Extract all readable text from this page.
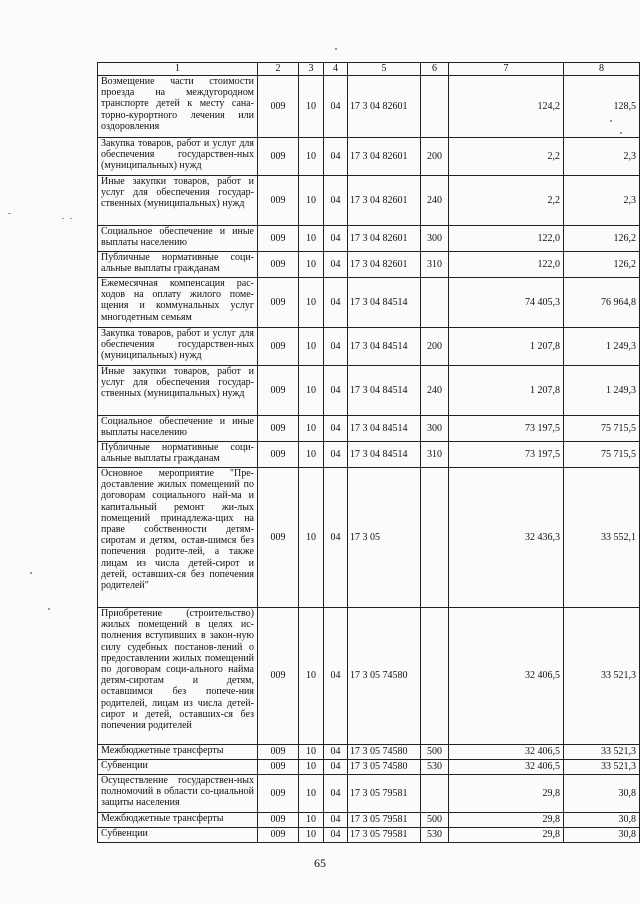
1	2	3	4	5	6	7	8
Возмещение части стоимости проезда на междугородном транспорте детей к месту сана-торно-курортного лечения или оздоровления	009	10	04	17 3 04 82601		124,2	128,5
Закупка товаров, работ и услуг для обеспечения государствен-ных (муниципальных) нужд	009	10	04	17 3 04 82601	200	2,2	2,3
Иные закупки товаров, работ и услуг для обеспечения государ-ственных (муниципальных) нужд	009	10	04	17 3 04 82601	240	2,2	2,3
Социальное обеспечение и иные выплаты населению	009	10	04	17 3 04 82601	300	122,0	126,2
Публичные нормативные соци-альные выплаты гражданам	009	10	04	17 3 04 82601	310	122,0	126,2
Ежемесячная компенсация рас-ходов на оплату жилого поме-щения и коммунальных услуг многодетным семьям	009	10	04	17 3 04 84514		74 405,3	76 964,8
Закупка товаров, работ и услуг для обеспечения государствен-ных (муниципальных) нужд	009	10	04	17 3 04 84514	200	1 207,8	1 249,3
Иные закупки товаров, работ и услуг для обеспечения государ-ственных (муниципальных) нужд	009	10	04	17 3 04 84514	240	1 207,8	1 249,3
Социальное обеспечение и иные выплаты населению	009	10	04	17 3 04 84514	300	73 197,5	75 715,5
Публичные нормативные соци-альные выплаты гражданам	009	10	04	17 3 04 84514	310	73 197,5	75 715,5
Основное мероприятие "Пре-доставление жилых помещений по договорам социального най-ма и капитальный ремонт жи-лых помещений принадлежа-щих на праве собственности детям-сиротам и детям, остав-шимся без попечения родите-лей, а также лицам из числа детей-сирот и детей, оставших-ся без попечения родителей"	009	10	04	17 3 05		32 436,3	33 552,1
Приобретение (строительство) жилых помещений в целях ис-полнения вступивших в закон-ную силу судебных постанов-лений о предоставлении жилых помещений по договорам соци-ального найма детям-сиротам и детям, оставшимся без попече-ния родителей, лицам из числа детей-сирот и детей, оставших-ся без попечения родителей	009	10	04	17 3 05 74580		32 406,5	33 521,3
Межбюджетные трансферты	009	10	04	17 3 05 74580	500	32 406,5	33 521,3
Субвенции	009	10	04	17 3 05 74580	530	32 406,5	33 521,3
Осуществление государствен-ных полномочий в области со-циальной защиты населения	009	10	04	17 3 05 79581		29,8	30,8
Межбюджетные трансферты	009	10	04	17 3 05 79581	500	29,8	30,8
Субвенции	009	10	04	17 3 05 79581	530	29,8	30,8
65
